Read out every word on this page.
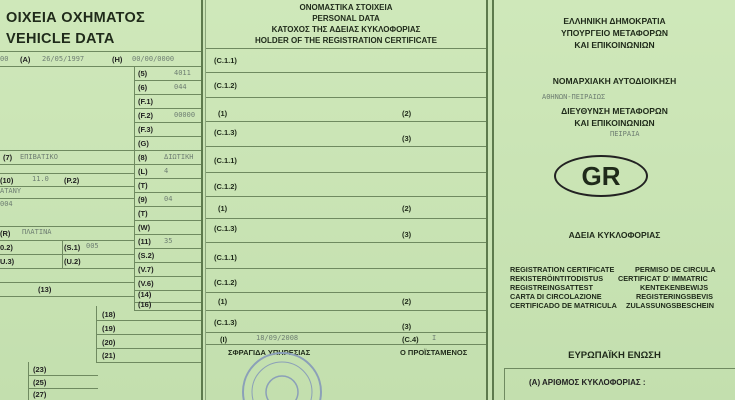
ΟΙΧΕΙΑ ΟΧΗΜΑΤΟΣ
VEHICLE DATA
00 (A) 26/05/1997	(H) 00/00/0000
(5)	4011
(6)	044
(F.1)
(F.2)	00000
(F.3)
(G)
(8) ΔΙΩΤΙΚΗ
(L) 4
(T)
(9) 04
(T)
(W)
(11) 35
(S.2)
(V.7)
(V.6)
(14)
(16)
(7) ΕΠΙΒΑΤΙΚΟ
(10)	11.0 (P.2)
ΑΤΑΝΥ
004
(R) ΠΛΑΤΙΝΑ
0.2)	(S.1) 005
U.3)	(U.2)
(13)
(18)
(19)
(20)
(21)
(23)
(25)
(27)
ΟΝΟΜΑΣΤΙΚΑ ΣΤΟΙΧΕΙΑ
PERSONAL DATA
ΚΑΤΟΧΟΣ ΤΗΣ ΑΔΕΙΑΣ ΚΥΚΛΟΦΟΡΙΑΣ
HOLDER OF THE REGISTRATION CERTIFICATE
(C.1.1)
(C.1.2)
(1)	(2)
(C.1.3)
(3)
(C.1.1)
(C.1.2)
(1)	(2)
(C.1.3)
(3)
(C.1.1)
(C.1.2)
(1)	(2)
(C.1.3)	(3)
(I)	18/09/2008	(C.4) I
ΣΦΡΑΓΙΔΑ ΥΠΗΡΕΣΙΑΣ	Ο ΠΡΟΪΣΤΑΜΕΝΟΣ
ΕΛΛΗΝΙΚΗ ΔΗΜΟΚΡΑΤΙΑ
ΥΠΟΥΡΓΕΙΟ ΜΕΤΑΦΟΡΩΝ
ΚΑΙ ΕΠΙΚΟΙΝΩΝΙΩΝ
ΝΟΜΑΡΧΙΑΚΗ ΑΥΤΟΔΙΟΙΚΗΣΗ
ΑΘΗΝΩΝ-ΠΕΙΡΑΙΩΣ
ΔΙΕΥΘΥΝΣΗ ΜΕΤΑΦΟΡΩΝ
ΚΑΙ ΕΠΙΚΟΙΝΩΝΙΩΝ
ΠΕΙΡΑΙΑ
GR
ΑΔΕΙΑ ΚΥΚΛΟΦΟΡΙΑΣ
REGISTRATION CERTIFICATE
REKISTERÖINTITODISTUS
REGISTREINGSATTEST
CARTA DI CIRCOLAZIONE
CERTIFICADO DE MATRICULA
PERMISO DE CIRCULA
CERTIFICAT D' IMMATRIC
KENTEKENBEWIJS
REGISTERINGSBEVIS
ZULASSUNGSBESCHEIN
ΕΥΡΩΠΑΪΚΗ ΕΝΩΣΗ
(Α) ΑΡΙΘΜΟΣ ΚΥΚΛΟΦΟΡΙΑΣ :
